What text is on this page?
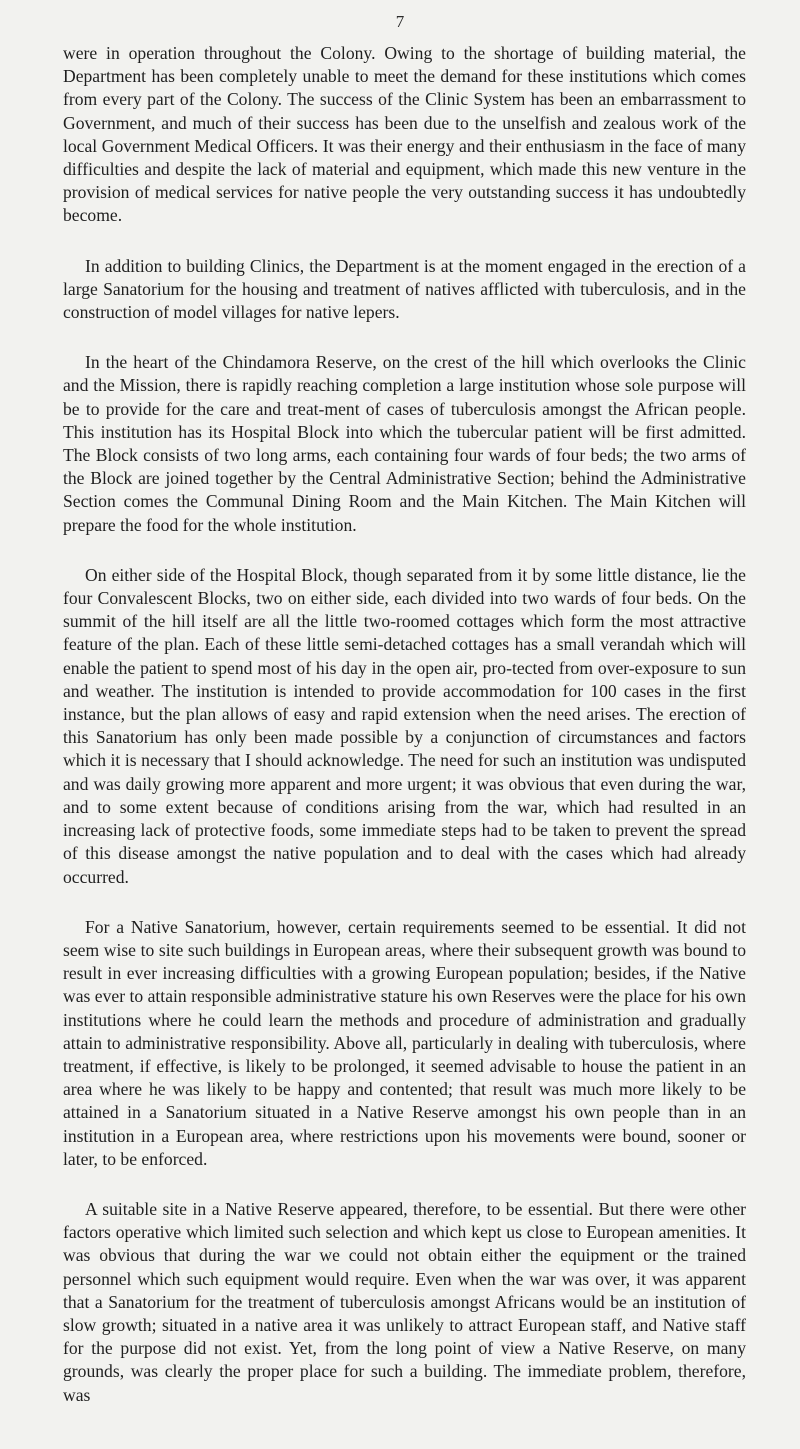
7

were in operation throughout the Colony. Owing to the shortage of building material, the Department has been completely unable to meet the demand for these institutions which comes from every part of the Colony. The success of the Clinic System has been an embarrassment to Government, and much of their success has been due to the unselfish and zealous work of the local Government Medical Officers. It was their energy and their enthusiasm in the face of many difficulties and despite the lack of material and equipment, which made this new venture in the provision of medical services for native people the very outstanding success it has undoubtedly become.

In addition to building Clinics, the Department is at the moment engaged in the erection of a large Sanatorium for the housing and treatment of natives afflicted with tuberculosis, and in the construction of model villages for native lepers.

In the heart of the Chindamora Reserve, on the crest of the hill which overlooks the Clinic and the Mission, there is rapidly reaching completion a large institution whose sole purpose will be to provide for the care and treat-ment of cases of tuberculosis amongst the African people. This institution has its Hospital Block into which the tubercular patient will be first admitted. The Block consists of two long arms, each containing four wards of four beds; the two arms of the Block are joined together by the Central Administrative Section; behind the Administrative Section comes the Communal Dining Room and the Main Kitchen. The Main Kitchen will prepare the food for the whole institution.

On either side of the Hospital Block, though separated from it by some little distance, lie the four Convalescent Blocks, two on either side, each divided into two wards of four beds. On the summit of the hill itself are all the little two-roomed cottages which form the most attractive feature of the plan. Each of these little semi-detached cottages has a small verandah which will enable the patient to spend most of his day in the open air, pro-tected from over-exposure to sun and weather. The institution is intended to provide accommodation for 100 cases in the first instance, but the plan allows of easy and rapid extension when the need arises. The erection of this Sanatorium has only been made possible by a conjunction of circumstances and factors which it is necessary that I should acknowledge. The need for such an institution was undisputed and was daily growing more apparent and more urgent; it was obvious that even during the war, and to some extent because of conditions arising from the war, which had resulted in an increasing lack of protective foods, some immediate steps had to be taken to prevent the spread of this disease amongst the native population and to deal with the cases which had already occurred.

For a Native Sanatorium, however, certain requirements seemed to be essential. It did not seem wise to site such buildings in European areas, where their subsequent growth was bound to result in ever increasing difficulties with a growing European population; besides, if the Native was ever to attain responsible administrative stature his own Reserves were the place for his own institutions where he could learn the methods and procedure of administration and gradually attain to administrative responsibility. Above all, particularly in dealing with tuberculosis, where treatment, if effective, is likely to be prolonged, it seemed advisable to house the patient in an area where he was likely to be happy and contented; that result was much more likely to be attained in a Sanatorium situated in a Native Reserve amongst his own people than in an institution in a European area, where restrictions upon his movements were bound, sooner or later, to be enforced.

A suitable site in a Native Reserve appeared, therefore, to be essential. But there were other factors operative which limited such selection and which kept us close to European amenities. It was obvious that during the war we could not obtain either the equipment or the trained personnel which such equipment would require. Even when the war was over, it was apparent that a Sanatorium for the treatment of tuberculosis amongst Africans would be an institution of slow growth; situated in a native area it was unlikely to attract European staff, and Native staff for the purpose did not exist. Yet, from the long point of view a Native Reserve, on many grounds, was clearly the proper place for such a building. The immediate problem, therefore, was
